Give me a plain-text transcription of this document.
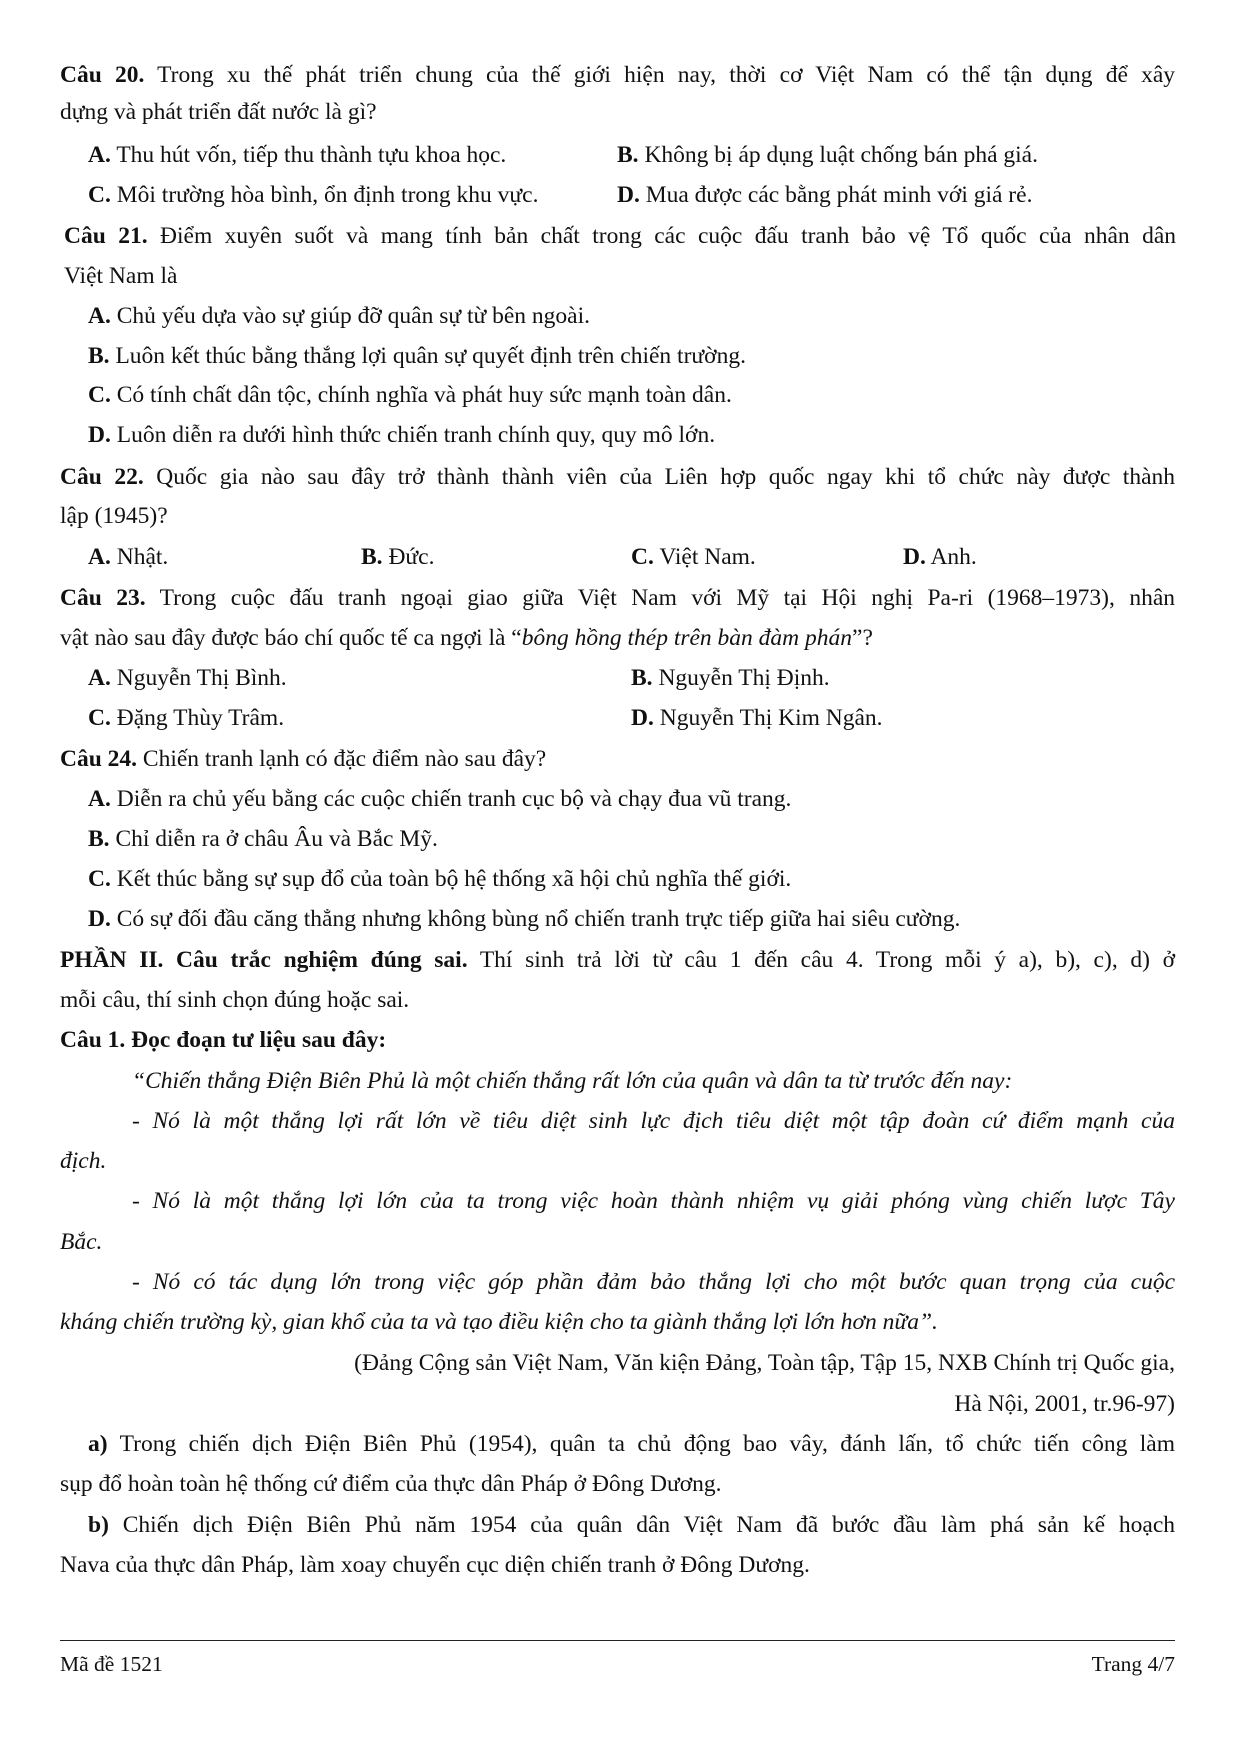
Câu 20. Trong xu thế phát triển chung của thế giới hiện nay, thời cơ Việt Nam có thể tận dụng để xây
dựng và phát triển đất nước là gì?
A. Thu hút vốn, tiếp thu thành tựu khoa học.	B. Không bị áp dụng luật chống bán phá giá.
C. Môi trường hòa bình, ổn định trong khu vực.	D. Mua được các bằng phát minh với giá rẻ.
Câu 21. Điểm xuyên suốt và mang tính bản chất trong các cuộc đấu tranh bảo vệ Tổ quốc của nhân dân
Việt Nam là
A. Chủ yếu dựa vào sự giúp đỡ quân sự từ bên ngoài.
B. Luôn kết thúc bằng thắng lợi quân sự quyết định trên chiến trường.
C. Có tính chất dân tộc, chính nghĩa và phát huy sức mạnh toàn dân.
D. Luôn diễn ra dưới hình thức chiến tranh chính quy, quy mô lớn.
Câu 22. Quốc gia nào sau đây trở thành thành viên của Liên hợp quốc ngay khi tổ chức này được thành
lập (1945)?
A. Nhật.	B. Đức.	C. Việt Nam.	D. Anh.
Câu 23. Trong cuộc đấu tranh ngoại giao giữa Việt Nam với Mỹ tại Hội nghị Pa-ri (1968–1973), nhân
vật nào sau đây được báo chí quốc tế ca ngợi là “bông hồng thép trên bàn đàm phán”?
A. Nguyễn Thị Bình.	B. Nguyễn Thị Định.
C. Đặng Thùy Trâm.	D. Nguyễn Thị Kim Ngân.
Câu 24. Chiến tranh lạnh có đặc điểm nào sau đây?
A. Diễn ra chủ yếu bằng các cuộc chiến tranh cục bộ và chạy đua vũ trang.
B. Chỉ diễn ra ở châu Âu và Bắc Mỹ.
C. Kết thúc bằng sự sụp đổ của toàn bộ hệ thống xã hội chủ nghĩa thế giới.
D. Có sự đối đầu căng thẳng nhưng không bùng nổ chiến tranh trực tiếp giữa hai siêu cường.
PHẦN II. Câu trắc nghiệm đúng sai. Thí sinh trả lời từ câu 1 đến câu 4. Trong mỗi ý a), b), c), d) ở
mỗi câu, thí sinh chọn đúng hoặc sai.
Câu 1. Đọc đoạn tư liệu sau đây:
“Chiến thắng Điện Biên Phủ là một chiến thắng rất lớn của quân và dân ta từ trước đến nay:
- Nó là một thắng lợi rất lớn về tiêu diệt sinh lực địch tiêu diệt một tập đoàn cứ điểm mạnh của
địch.
- Nó là một thắng lợi lớn của ta trong việc hoàn thành nhiệm vụ giải phóng vùng chiến lược Tây
Bắc.
- Nó có tác dụng lớn trong việc góp phần đảm bảo thắng lợi cho một bước quan trọng của cuộc
kháng chiến trường kỳ, gian khổ của ta và tạo điều kiện cho ta giành thắng lợi lớn hơn nữa”.
(Đảng Cộng sản Việt Nam, Văn kiện Đảng, Toàn tập, Tập 15, NXB Chính trị Quốc gia,
Hà Nội, 2001, tr.96-97)
a) Trong chiến dịch Điện Biên Phủ (1954), quân ta chủ động bao vây, đánh lấn, tổ chức tiến công làm
sụp đổ hoàn toàn hệ thống cứ điểm của thực dân Pháp ở Đông Dương.
b) Chiến dịch Điện Biên Phủ năm 1954 của quân dân Việt Nam đã bước đầu làm phá sản kế hoạch
Nava của thực dân Pháp, làm xoay chuyển cục diện chiến tranh ở Đông Dương.
Mã đề 1521	Trang 4/7
